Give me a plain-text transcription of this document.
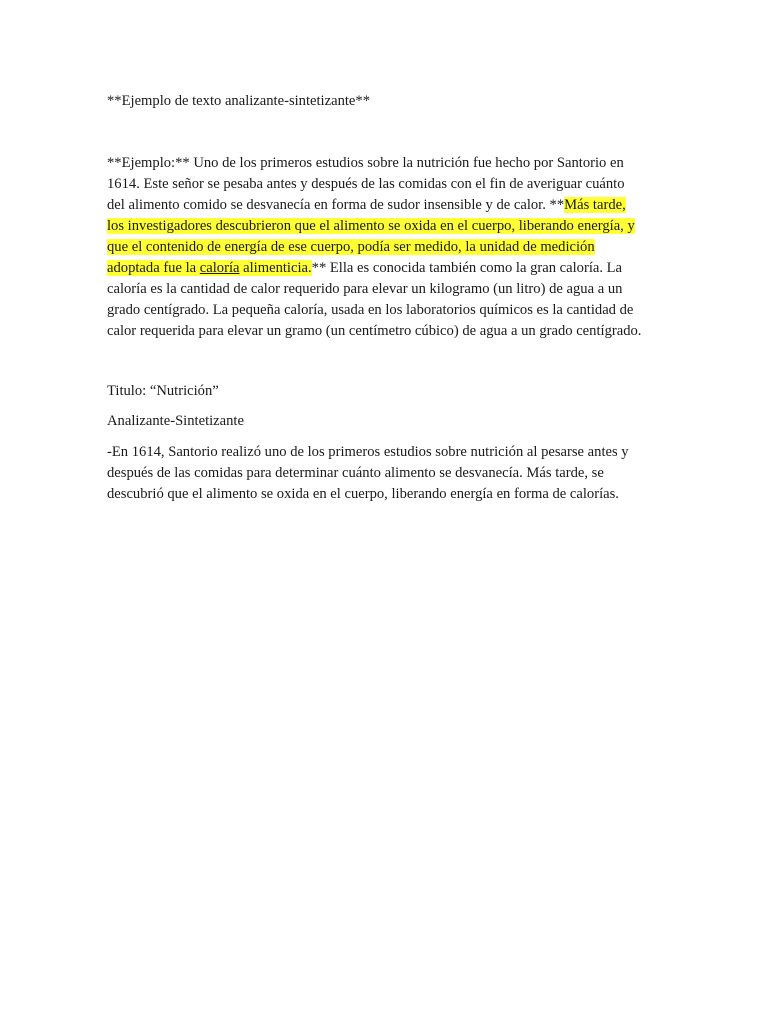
**Ejemplo de texto analizante-sintetizante**
**Ejemplo:** Uno de los primeros estudios sobre la nutrición fue hecho por Santorio en
1614. Este señor se pesaba antes y después de las comidas con el fin de averiguar cuánto
del alimento comido se desvanecía en forma de sudor insensible y de calor. **Más tarde,
los investigadores descubrieron que el alimento se oxida en el cuerpo, liberando energía, y
que el contenido de energía de ese cuerpo, podía ser medido, la unidad de medición
adoptada fue la caloría alimenticia.** Ella es conocida también como la gran caloría. La
caloría es la cantidad de calor requerido para elevar un kilogramo (un litro) de agua a un
grado centígrado. La pequeña caloría, usada en los laboratorios químicos es la cantidad de
calor requerida para elevar un gramo (un centímetro cúbico) de agua a un grado centígrado.
Titulo: “Nutrición”
Analizante-Sintetizante
-En 1614, Santorio realizó uno de los primeros estudios sobre nutrición al pesarse antes y
después de las comidas para determinar cuánto alimento se desvanecía. Más tarde, se
descubrió que el alimento se oxida en el cuerpo, liberando energía en forma de calorías.
